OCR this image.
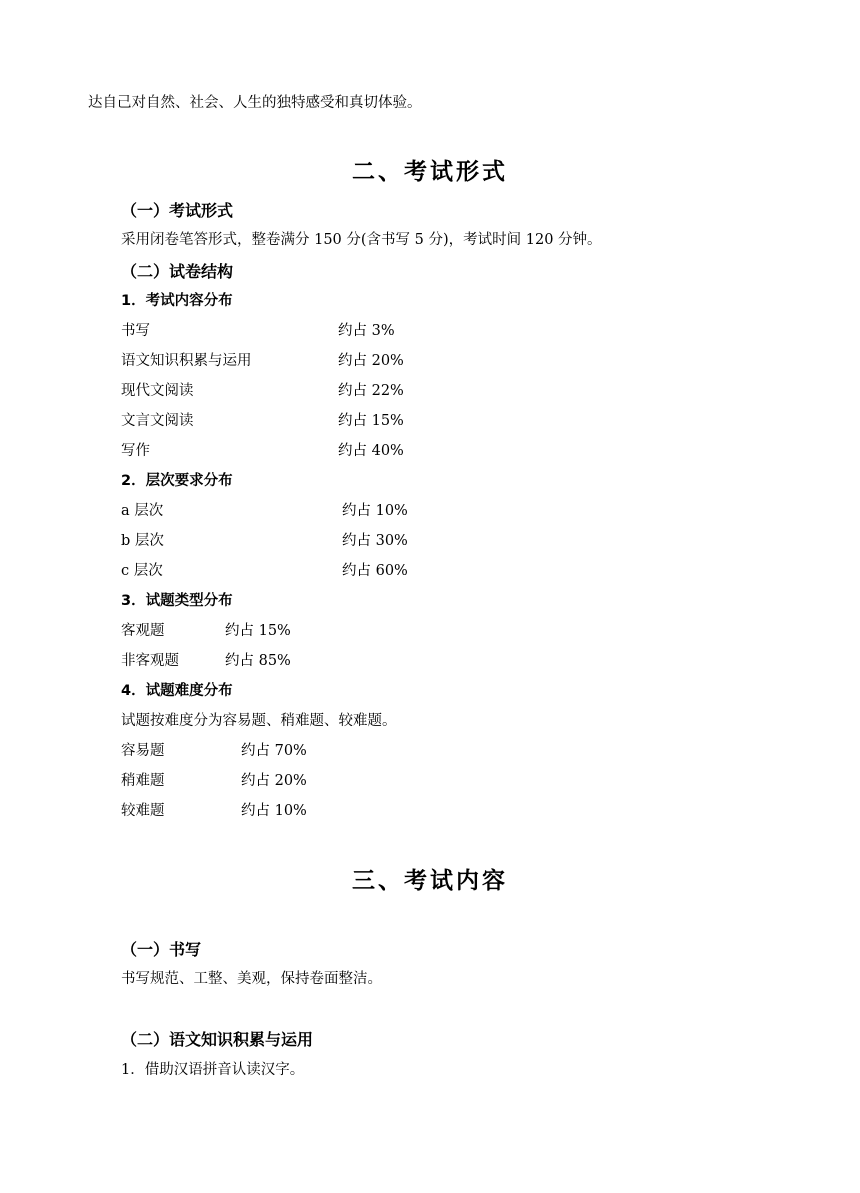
达自己对自然、社会、人生的独特感受和真切体验。
二、考试形式
（一）考试形式
采用闭卷笔答形式，整卷满分 150 分(含书写 5 分)，考试时间 120 分钟。
（二）试卷结构
1．考试内容分布
书写	约占 3%
语文知识积累与运用	约占 20%
现代文阅读	约占 22%
文言文阅读	约占 15%
写作	约占 40%
2．层次要求分布
a 层次	约占 10%
b 层次	约占 30%
c 层次	约占 60%
3．试题类型分布
客观题	约占 15%
非客观题	约占 85%
4．试题难度分布
试题按难度分为容易题、稍难题、较难题。
容易题	约占 70%
稍难题	约占 20%
较难题	约占 10%
三、考试内容
（一）书写
书写规范、工整、美观，保持卷面整洁。
（二）语文知识积累与运用
1．借助汉语拼音认读汉字。
